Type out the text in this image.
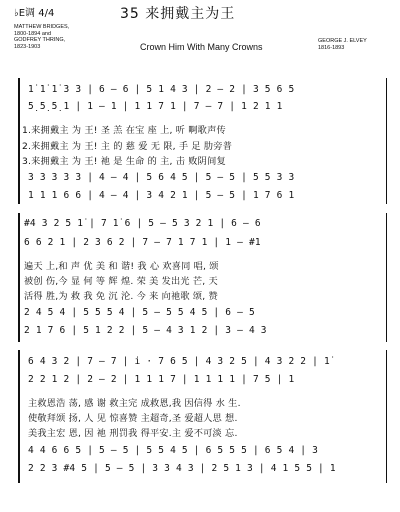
♭E调 4/4	35 来拥戴主为王
Crown Him With Many Crowns
MATTHEW BRIDGES,
1800-1894 and
GODFREY THRING,
1823-1903
GEORGE J. ELVEY
1816-1893
1̇ 1̇ 1̇ 3 3 | 6 — 6 | 5 1 4 3 | 2 — 2 | 3 5 6 5
5̣ 5̣ 5̣ 1 | 1 — 1 | 1 1 7 1 | 7 — 7 | 1 2 1 1
1.来拥戴主 为 王! 圣 羔 在宝 座 上, 听 啊歌声传
2.来拥戴主 为 王! 主 的 慈 爱 无 限, 手 足 肋旁普
3.来拥戴主 为 王! 祂 是 生命 的 主, 击 败阴间复
3 3 3 3 3 | 4 — 4 | 5 6 4 5 | 5 — 5 | 5 5 3 3
1 1 1 6 6 | 4 — 4 | 3 4 2 1 | 5 — 5 | 1 7 6 1
#4 3 2 5 1̇ | 7 1̇ 6 | 5 — 5 3 2 1 | 6 — 6
6 6 2 1 | 2 3 6 2 | 7 — 7 1 7 1 | 1 — #1
遍天 上,和 声 优 美 和 谐! 我 心 欢喜同 唱, 颂
被创 伤,今 显 何 等 辉 煌. 荣 美 发出光 芒, 天
活得 胜,为 救 我 免 沉 沦. 今 来 向祂歌 颂, 赞
2 4 5 4 | 5 5 5 4 | 5 — 5 5 4 5 | 6 — 5
2 1 7 6 | 5 1 2 2 | 5 — 4 3 1 2 | 3 — 4 3
6 4 3 2 | 7 — 7 | i · 7 6 5 | 4 3 2 5 | 4 3 2 2 | 1̇
2 2 1 2 | 2 — 2 | 1 1 1 7 | 1 1 1 1 | 7 5 | 1
主救恩浩 荡, 感 谢 救主完 成救恩,我 因信得 水 生.
使敬拜颂 扬, 人 见 惊喜赞 主超奇,圣 爱超人思 想.
美我主宏 恩, 因 祂 刑罚我 得平安.主 爱不可淡 忘.
4 4 6 6 5 | 5 — 5 | 5 5 4 5 | 6 5 5 5 | 6 5 4 | 3
2 2 3 #4 5 | 5 — 5 | 3 3 4 3 | 2 5 1 3 | 4 1 5 5 | 1
